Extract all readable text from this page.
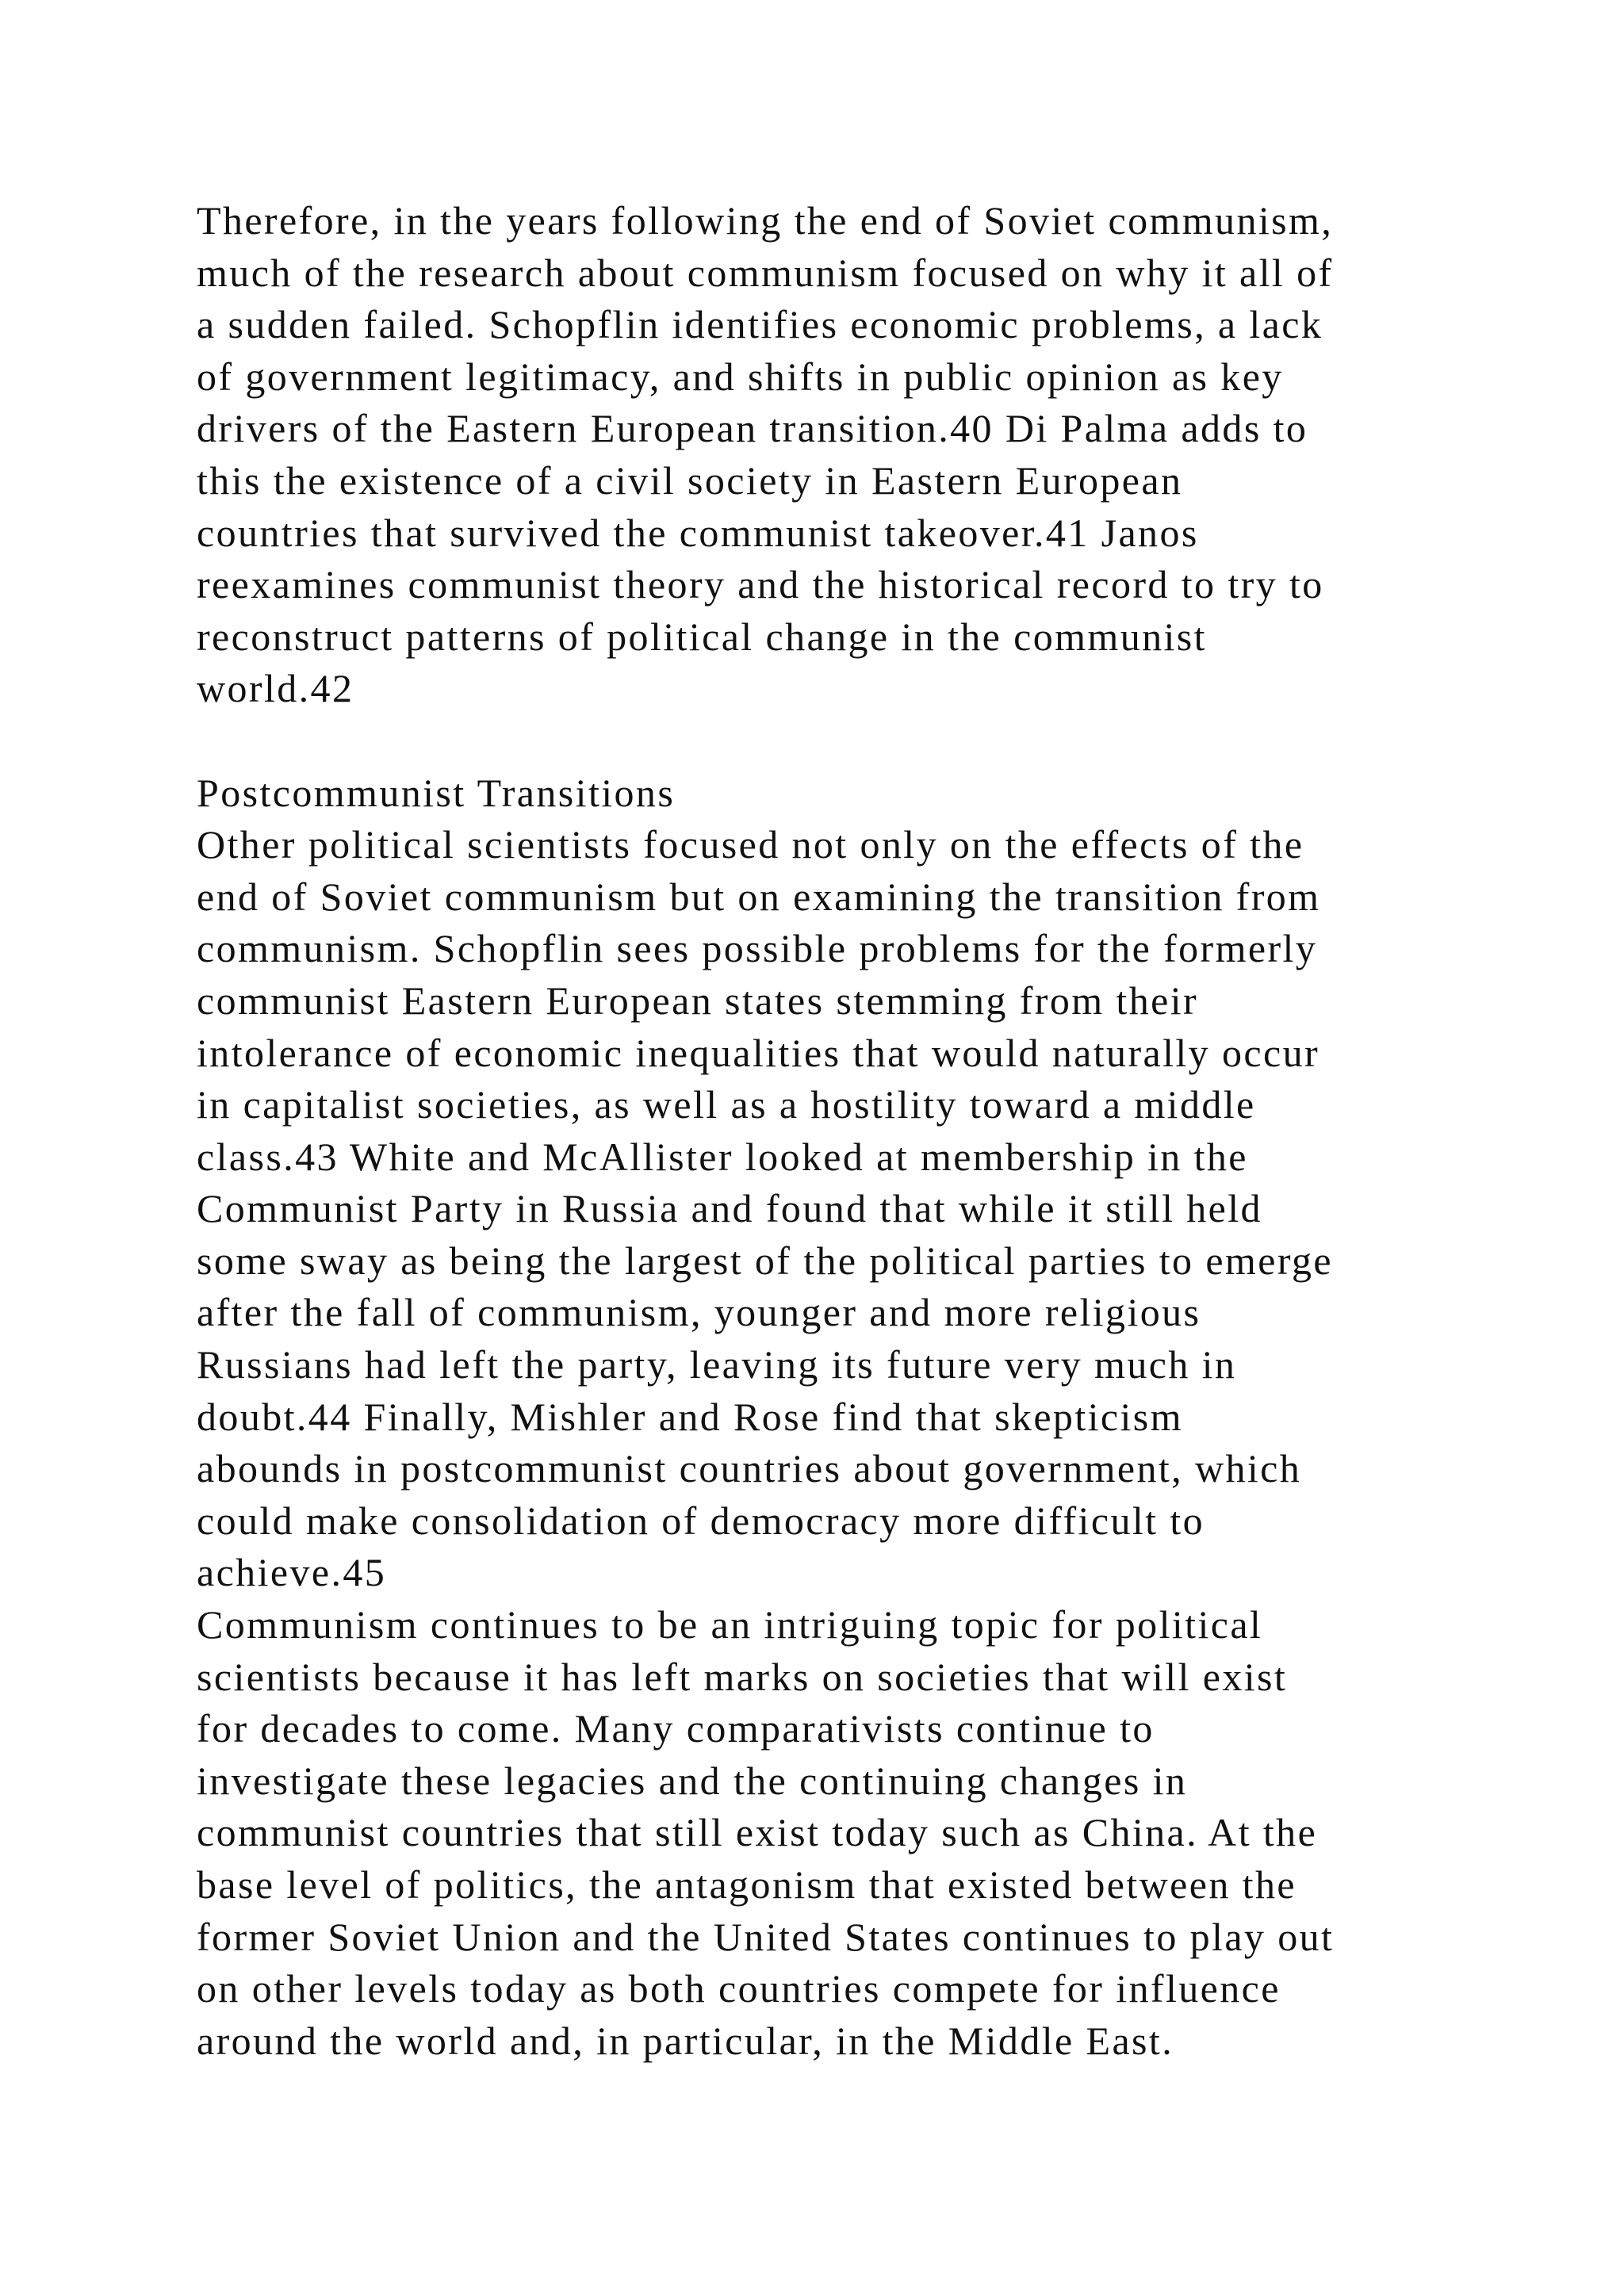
Therefore, in the years following the end of Soviet communism,
much of the research about communism focused on why it all of
a sudden failed. Schopflin identifies economic problems, a lack
of government legitimacy, and shifts in public opinion as key
drivers of the Eastern European transition.40 Di Palma adds to
this the existence of a civil society in Eastern European
countries that survived the communist takeover.41 Janos
reexamines communist theory and the historical record to try to
reconstruct patterns of political change in the communist
world.42
Postcommunist Transitions
Other political scientists focused not only on the effects of the
end of Soviet communism but on examining the transition from
communism. Schopflin sees possible problems for the formerly
communist Eastern European states stemming from their
intolerance of economic inequalities that would naturally occur
in capitalist societies, as well as a hostility toward a middle
class.43 White and McAllister looked at membership in the
Communist Party in Russia and found that while it still held
some sway as being the largest of the political parties to emerge
after the fall of communism, younger and more religious
Russians had left the party, leaving its future very much in
doubt.44 Finally, Mishler and Rose find that skepticism
abounds in postcommunist countries about government, which
could make consolidation of democracy more difficult to
achieve.45
Communism continues to be an intriguing topic for political
scientists because it has left marks on societies that will exist
for decades to come. Many comparativists continue to
investigate these legacies and the continuing changes in
communist countries that still exist today such as China. At the
base level of politics, the antagonism that existed between the
former Soviet Union and the United States continues to play out
on other levels today as both countries compete for influence
around the world and, in particular, in the Middle East.
